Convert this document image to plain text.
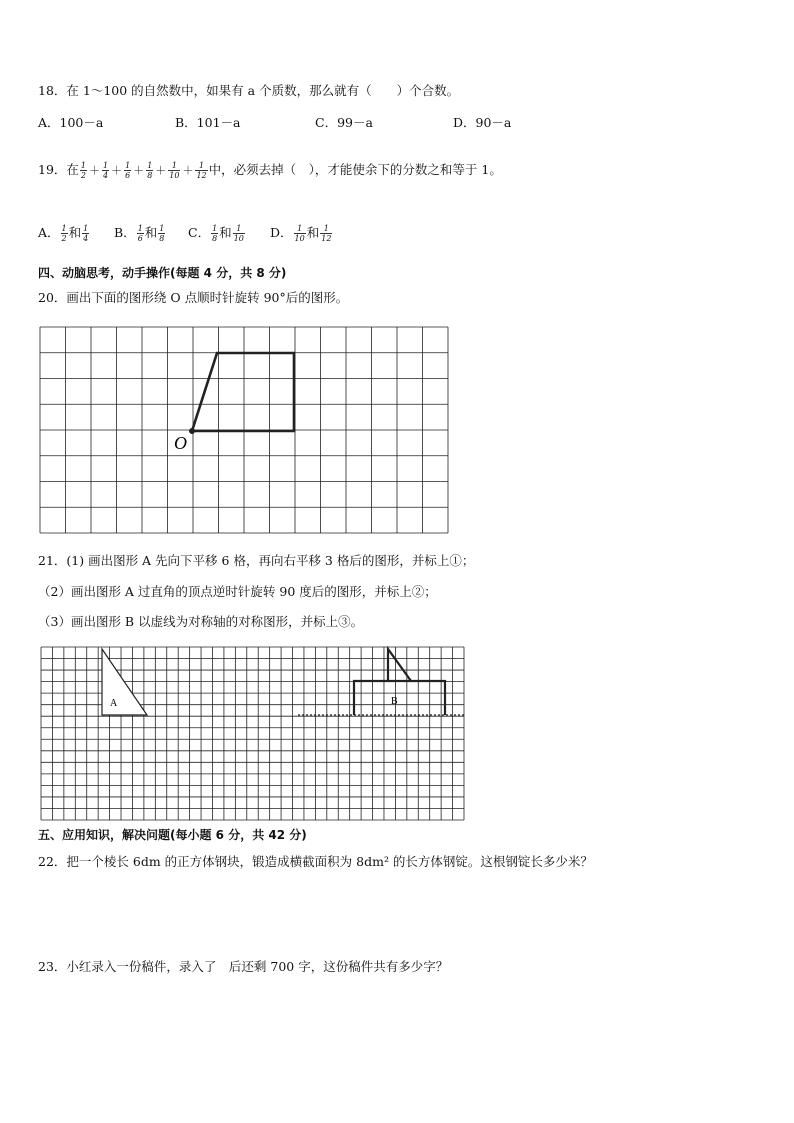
18．在 1～100 的自然数中，如果有 a 个质数，那么就有（　　）个合数。
A．100－a	B．101－a	C．99－a	D．90－a
19．在 $\frac{1}{2} + \frac{1}{4} + \frac{1}{6} + \frac{1}{8} + \frac{1}{10} + \frac{1}{12}$ 中，必须去掉（　），才能使余下的分数之和等于 1。
A． $\frac{1}{2}$ 和 $\frac{1}{4}$ B． $\frac{1}{6}$ 和 $\frac{1}{8}$ C． $\frac{1}{8}$ 和 $\frac{1}{10}$ D． $\frac{1}{10}$ 和 $\frac{1}{12}$
四、动脑思考，动手操作(每题 4 分，共 8 分)
20．画出下面的图形绕 O 点顺时针旋转 90°后的图形。
O
21．(1) 画出图形 A 先向下平移 6 格，再向右平移 3 格后的图形，并标上①；
（2）画出图形 A 过直角的顶点逆时针旋转 90 度后的图形，并标上②；
（3）画出图形 B 以虚线为对称轴的对称图形，并标上③。
A	B
五、应用知识，解决问题(每小题 6 分，共 42 分)
22．把一个棱长 6dm 的正方体钢块，锻造成横截面积为 8dm² 的长方体钢锭。这根钢锭长多少米？
23．小红录入一份稿件，录入了　后还剩 700 字，这份稿件共有多少字？
